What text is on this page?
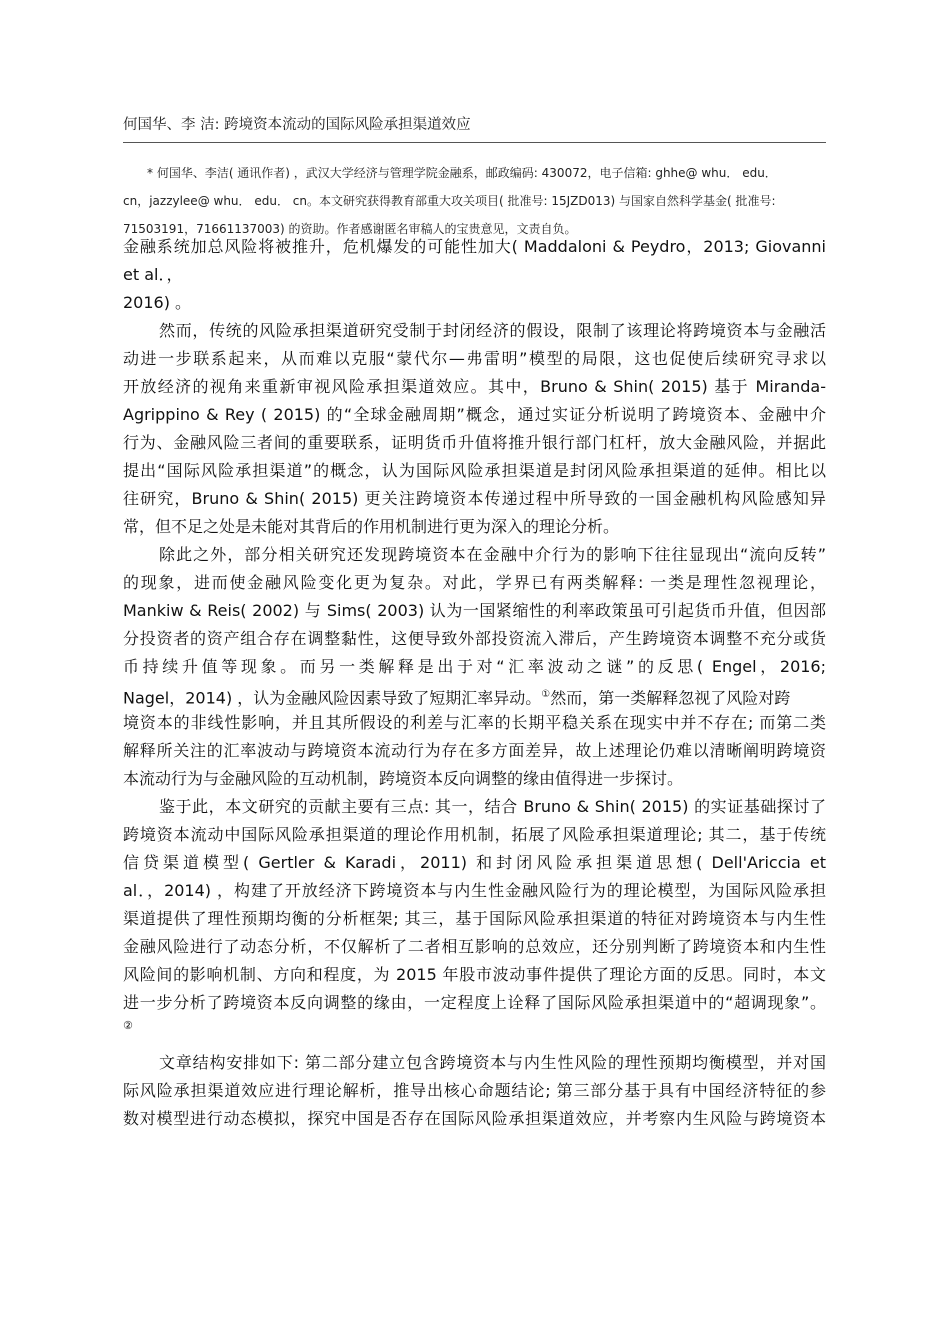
何国华、李 洁: 跨境资本流动的国际风险承担渠道效应
* 何国华、李洁( 通讯作者) ，武汉大学经济与管理学院金融系，邮政编码: 430072，电子信箱: ghhe@ whu． edu．
cn，jazzylee@ whu． edu． cn。本文研究获得教育部重大攻关项目( 批准号: 15JZD013) 与国家自然科学基金( 批准号:
71503191，71661137003) 的资助。作者感谢匿名审稿人的宝贵意见，文责自负。
金融系统加总风险将被推升，危机爆发的可能性加大( Maddaloni & Peydro，2013; Giovanni
et al．，
2016) 。
然而，传统的风险承担渠道研究受制于封闭经济的假设，限制了该理论将跨境资本与金融活
动进一步联系起来，从而难以克服“蒙代尔—弗雷明”模型的局限，这也促使后续研究寻求以
开放经济的视角来重新审视风险承担渠道效应。其中，Bruno & Shin( 2015) 基于 Miranda-
Agrippino & Rey ( 2015) 的“全球金融周期”概念，通过实证分析说明了跨境资本、金融中介
行为、金融风险三者间的重要联系，证明货币升值将推升银行部门杠杆，放大金融风险，并据此
提出“国际风险承担渠道”的概念，认为国际风险承担渠道是封闭风险承担渠道的延伸。相比以
往研究，Bruno & Shin( 2015) 更关注跨境资本传递过程中所导致的一国金融机构风险感知异
常，但不足之处是未能对其背后的作用机制进行更为深入的理论分析。
除此之外，部分相关研究还发现跨境资本在金融中介行为的影响下往往显现出“流向反转”
的现象，进而使金融风险变化更为复杂。对此，学界已有两类解释: 一类是理性忽视理论，
Mankiw & Reis( 2002) 与 Sims( 2003) 认为一国紧缩性的利率政策虽可引起货币升值，但因部
分投资者的资产组合存在调整黏性，这便导致外部投资流入滞后，产生跨境资本调整不充分或货
币持续升值等现象。而另一类解释是出于对“汇率波动之谜”的反思( Engel，2016;
Nagel，2014) ，认为金融风险因素导致了短期汇率异动。①然而，第一类解释忽视了风险对跨
境资本的非线性影响，并且其所假设的利差与汇率的长期平稳关系在现实中并不存在; 而第二类
解释所关注的汇率波动与跨境资本流动行为存在多方面差异，故上述理论仍难以清晰阐明跨境资
本流动行为与金融风险的互动机制，跨境资本反向调整的缘由值得进一步探讨。
鉴于此，本文研究的贡献主要有三点: 其一，结合 Bruno & Shin( 2015) 的实证基础探讨了
跨境资本流动中国际风险承担渠道的理论作用机制，拓展了风险承担渠道理论; 其二，基于传统
信贷渠道模型( Gertler & Karadi，2011) 和封闭风险承担渠道思想( Dell'Ariccia et
al．，2014) ，构建了开放经济下跨境资本与内生性金融风险行为的理论模型，为国际风险承担
渠道提供了理性预期均衡的分析框架; 其三，基于国际风险承担渠道的特征对跨境资本与内生性
金融风险进行了动态分析，不仅解析了二者相互影响的总效应，还分别判断了跨境资本和内生性
风险间的影响机制、方向和程度，为 2015 年股市波动事件提供了理论方面的反思。同时，本文
进一步分析了跨境资本反向调整的缘由，一定程度上诠释了国际风险承担渠道中的“超调现象”。
②
文章结构安排如下: 第二部分建立包含跨境资本与内生性风险的理性预期均衡模型，并对国
际风险承担渠道效应进行理论解析，推导出核心命题结论; 第三部分基于具有中国经济特征的参
数对模型进行动态模拟，探究中国是否存在国际风险承担渠道效应，并考察内生风险与跨境资本
